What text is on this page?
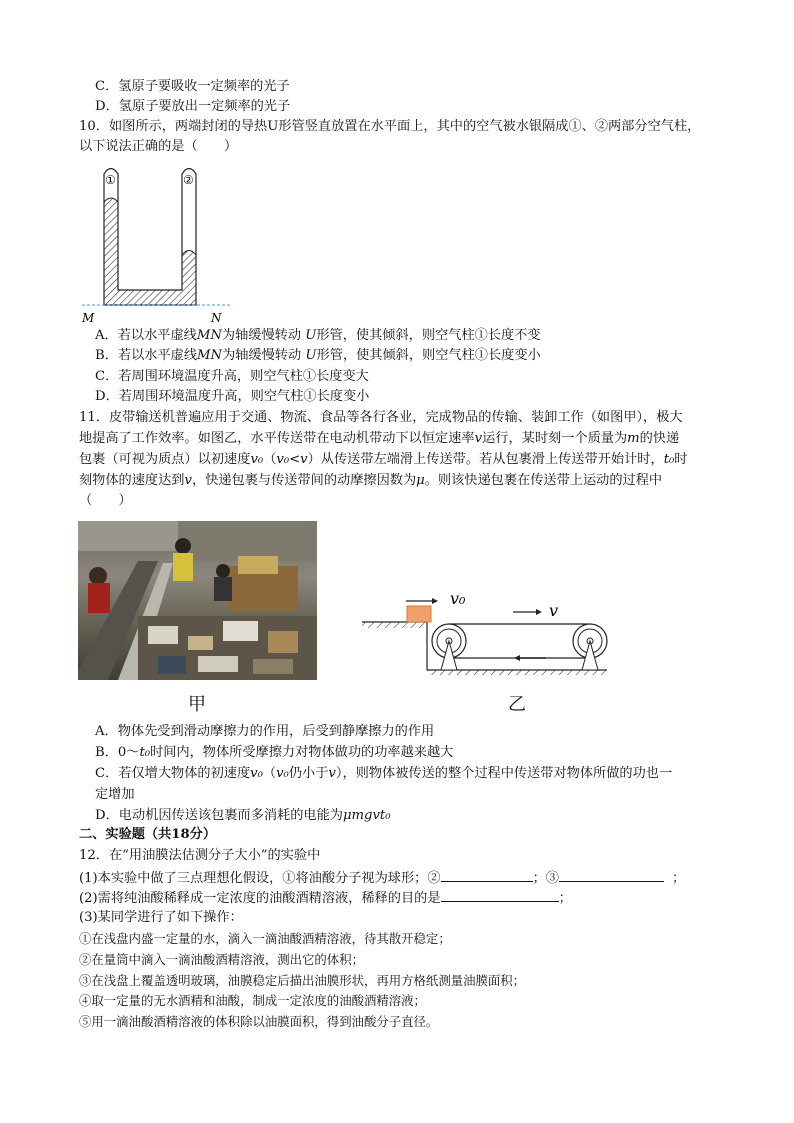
C．氢原子要吸收一定频率的光子
D．氢原子要放出一定频率的光子
10．如图所示，两端封闭的导热U形管竖直放置在水平面上，其中的空气被水银隔成①、②两部分空气柱，
以下说法正确的是（　　）
①	②
M	N
A．若以水平虚线MN为轴缓慢转动 U形管，使其倾斜，则空气柱①长度不变
B．若以水平虚线MN为轴缓慢转动 U形管，使其倾斜，则空气柱①长度变小
C．若周围环境温度升高，则空气柱①长度变大
D．若周围环境温度升高，则空气柱①长度变小
11．皮带输送机普遍应用于交通、物流、食品等各行各业，完成物品的传输、装卸工作（如图甲），极大
地提高了工作效率。如图乙，水平传送带在电动机带动下以恒定速率v运行，某时刻一个质量为m的快递
包裹（可视为质点）以初速度v₀（v₀<v）从传送带左端滑上传送带。若从包裹滑上传送带开始计时，t₀时
刻物体的速度达到v，快递包裹与传送带间的动摩擦因数为μ。则该快递包裹在传送带上运动的过程中
（　　）
甲
v₀
v
乙
A．物体先受到滑动摩擦力的作用，后受到静摩擦力的作用
B．0～t₀时间内，物体所受摩擦力对物体做功的功率越来越大
C．若仅增大物体的初速度v₀（v₀仍小于v），则物体被传送的整个过程中传送带对物体所做的功也一
定增加
D．电动机因传送该包裹而多消耗的电能为μmgvt₀
二、实验题（共18分）
12．在“用油膜法估测分子大小”的实验中
(1)本实验中做了三点理想化假设，①将油酸分子视为球形；②	；③	；
(2)需将纯油酸稀释成一定浓度的油酸酒精溶液，稀释的目的是	；
(3)某同学进行了如下操作：
①在浅盘内盛一定量的水，滴入一滴油酸酒精溶液，待其散开稳定；
②在量筒中滴入一滴油酸酒精溶液，测出它的体积；
③在浅盘上覆盖透明玻璃，油膜稳定后描出油膜形状，再用方格纸测量油膜面积；
④取一定量的无水酒精和油酸，制成一定浓度的油酸酒精溶液；
⑤用一滴油酸酒精溶液的体积除以油膜面积，得到油酸分子直径。
